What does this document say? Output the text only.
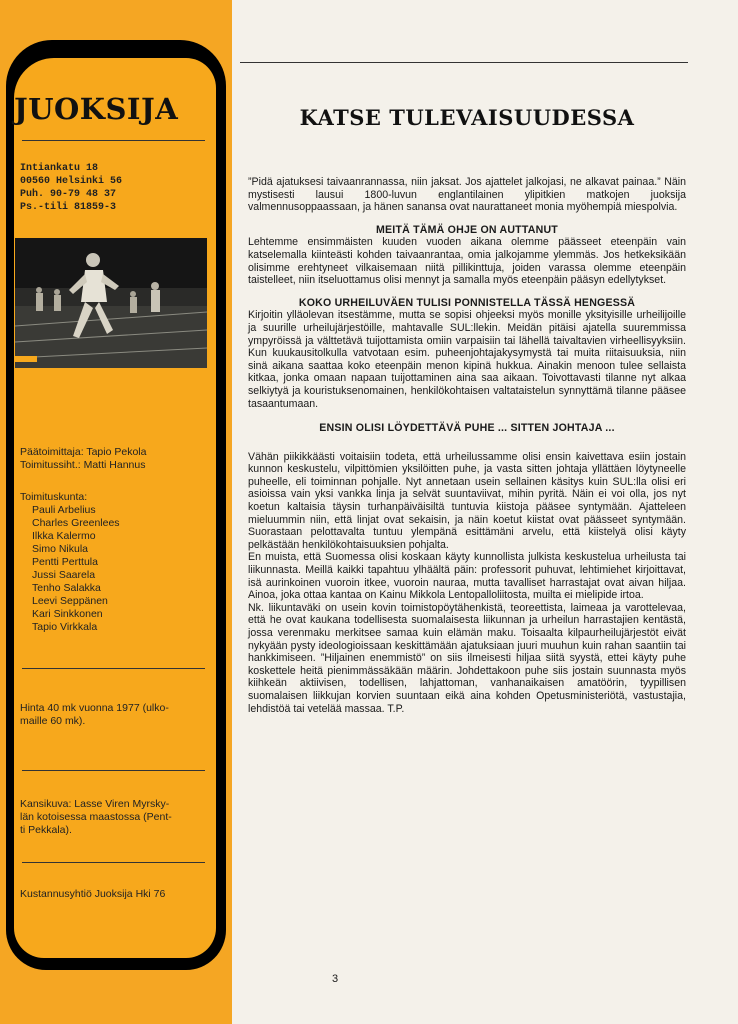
JUOKSIJA
Intiankatu 18
00560 Helsinki 56
Puh. 90-79 48 37
Ps.-tili 81859-3
Päätoimittaja: Tapio Pekola
Toimitussiht.: Matti Hannus
Toimituskunta:
Pauli Arbelius
Charles Greenlees
Ilkka Kalermo
Simo Nikula
Pentti Perttula
Jussi Saarela
Tenho Salakka
Leevi Seppänen
Kari Sinkkonen
Tapio Virkkala
Hinta 40 mk vuonna 1977 (ulko-
maille 60 mk).
Kansikuva: Lasse Viren Myrsky-
län kotoisessa maastossa (Pent-
ti Pekkala).
Kustannusyhtiö Juoksija Hki 76
KATSE TULEVAISUUDESSA

”Pidä ajatuksesi taivaanrannassa, niin jaksat. Jos ajattelet jalkojasi, ne alkavat painaa.” Näin mystisesti lausui 1800-luvun englantilainen ylipitkien matkojen juoksija valmennusoppaassaan, ja hänen sanansa ovat naurattaneet monia myöhempiä miespolvia.

MEITÄ TÄMÄ OHJE ON AUTTANUT

Lehtemme ensimmäisten kuuden vuoden aikana olemme päässeet eteenpäin vain katselemalla kiinteästi kohden taivaanrantaa, omia jalkojamme ylemmäs. Jos hetkeksikään olisimme erehtyneet vilkaisemaan niitä pillikinttuja, joiden varassa olemme eteenpäin taistelleet, niin itseluottamus olisi mennyt ja samalla myös eteenpäin pääsyn edellytykset.

KOKO URHEILUVÄEN TULISI PONNISTELLA TÄSSÄ HENGESSÄ

Kirjoitin ylläolevan itsestämme, mutta se sopisi ohjeeksi myös monille yksityisille urheilijoille ja suurille urheilujärjestöille, mahtavalle SUL:llekin. Meidän pitäisi ajatella suuremmissa ympyröissä ja välttetävä tuijottamista omiin varpaisiin tai lähellä taivaltavien virheellisyyksiin. Kun kuukausitolkulla vatvotaan esim. puheenjohtajakysymystä tai muita riitaisuuksia, niin sinä aikana saattaa koko eteenpäin menon kipinä hukkua. Ainakin menoon tulee sellaista kitkaa, jonka omaan napaan tuijottaminen aina saa aikaan. Toivottavasti tilanne nyt alkaa selkiytyä ja kouristuksenomainen, henkilökohtaisen valtataistelun synnyttämä tilanne pääsee tasaantumaan.

ENSIN OLISI LÖYDETTÄVÄ PUHE ... SITTEN JOHTAJA ...

Vähän piikikkäästi voitaisiin todeta, että urheilussamme olisi ensin kaivettava esiin jostain kunnon keskustelu, vilpittömien yksilöitten puhe, ja vasta sitten johtaja yllättäen löytyneelle puheelle, eli toiminnan pohjalle. Nyt annetaan usein sellainen käsitys kuin SUL:lla olisi eri asioissa vain yksi vankka linja ja selvät suuntaviivat, mihin pyritä. Näin ei voi olla, jos nyt koetun kaltaisia täysin turhanpäiväisiltä tuntuvia kiistoja pääsee syntymään. Ajatteleen mieluummin niin, että linjat ovat sekaisin, ja näin koetut kiistat ovat päässeet syntymään. Suorastaan pelottavalta tuntuu ylempänä esittämäni arvelu, että kiistelyä olisi käyty pelkästään henkilökohtaisuuksien pohjalta.

En muista, että Suomessa olisi koskaan käyty kunnollista julkista keskustelua urheilusta tai liikunnasta. Meillä kaikki tapahtuu ylhäältä päin: professorit puhuvat, lehtimiehet kirjoittavat, isä aurinkoinen vuoroin itkee, vuoroin nauraa, mutta tavalliset harrastajat ovat aivan hiljaa. Ainoa, joka ottaa kantaa on Kainu Mikkola Lentopalloliitosta, muilta ei mielipide irtoa.

Nk. liikuntaväki on usein kovin toimistopöytähenkistä, teoreettista, laimeaa ja varottelevaa, että he ovat kaukana todellisesta suomalaisesta liikunnan ja urheilun harrastajien kentästä, jossa verenmaku merkitsee samaa kuin elämän maku. Toisaalta kilpaurheilujärjestöt eivät nykyään pysty ideologioissaan keskittämään ajatuksiaan juuri muuhun kuin rahan saantiin tai hankkimiseen. ”Hiljainen enemmistö” on siis ilmeisesti hiljaa siitä syystä, ettei käyty puhe koskettele heitä pienimmässäkään määrin. Johdettakoon puhe siis jostain suunnasta myös kiihkeän aktiivisen, todellisen, lahjattoman, vanhanaikaisen amatöörin, tyypillisen suomalaisen liikkujan korvien suuntaan eikä aina kohden Opetusministeriötä, vastustajia, lehdistöä tai vetelää massaa. T.P.

3
